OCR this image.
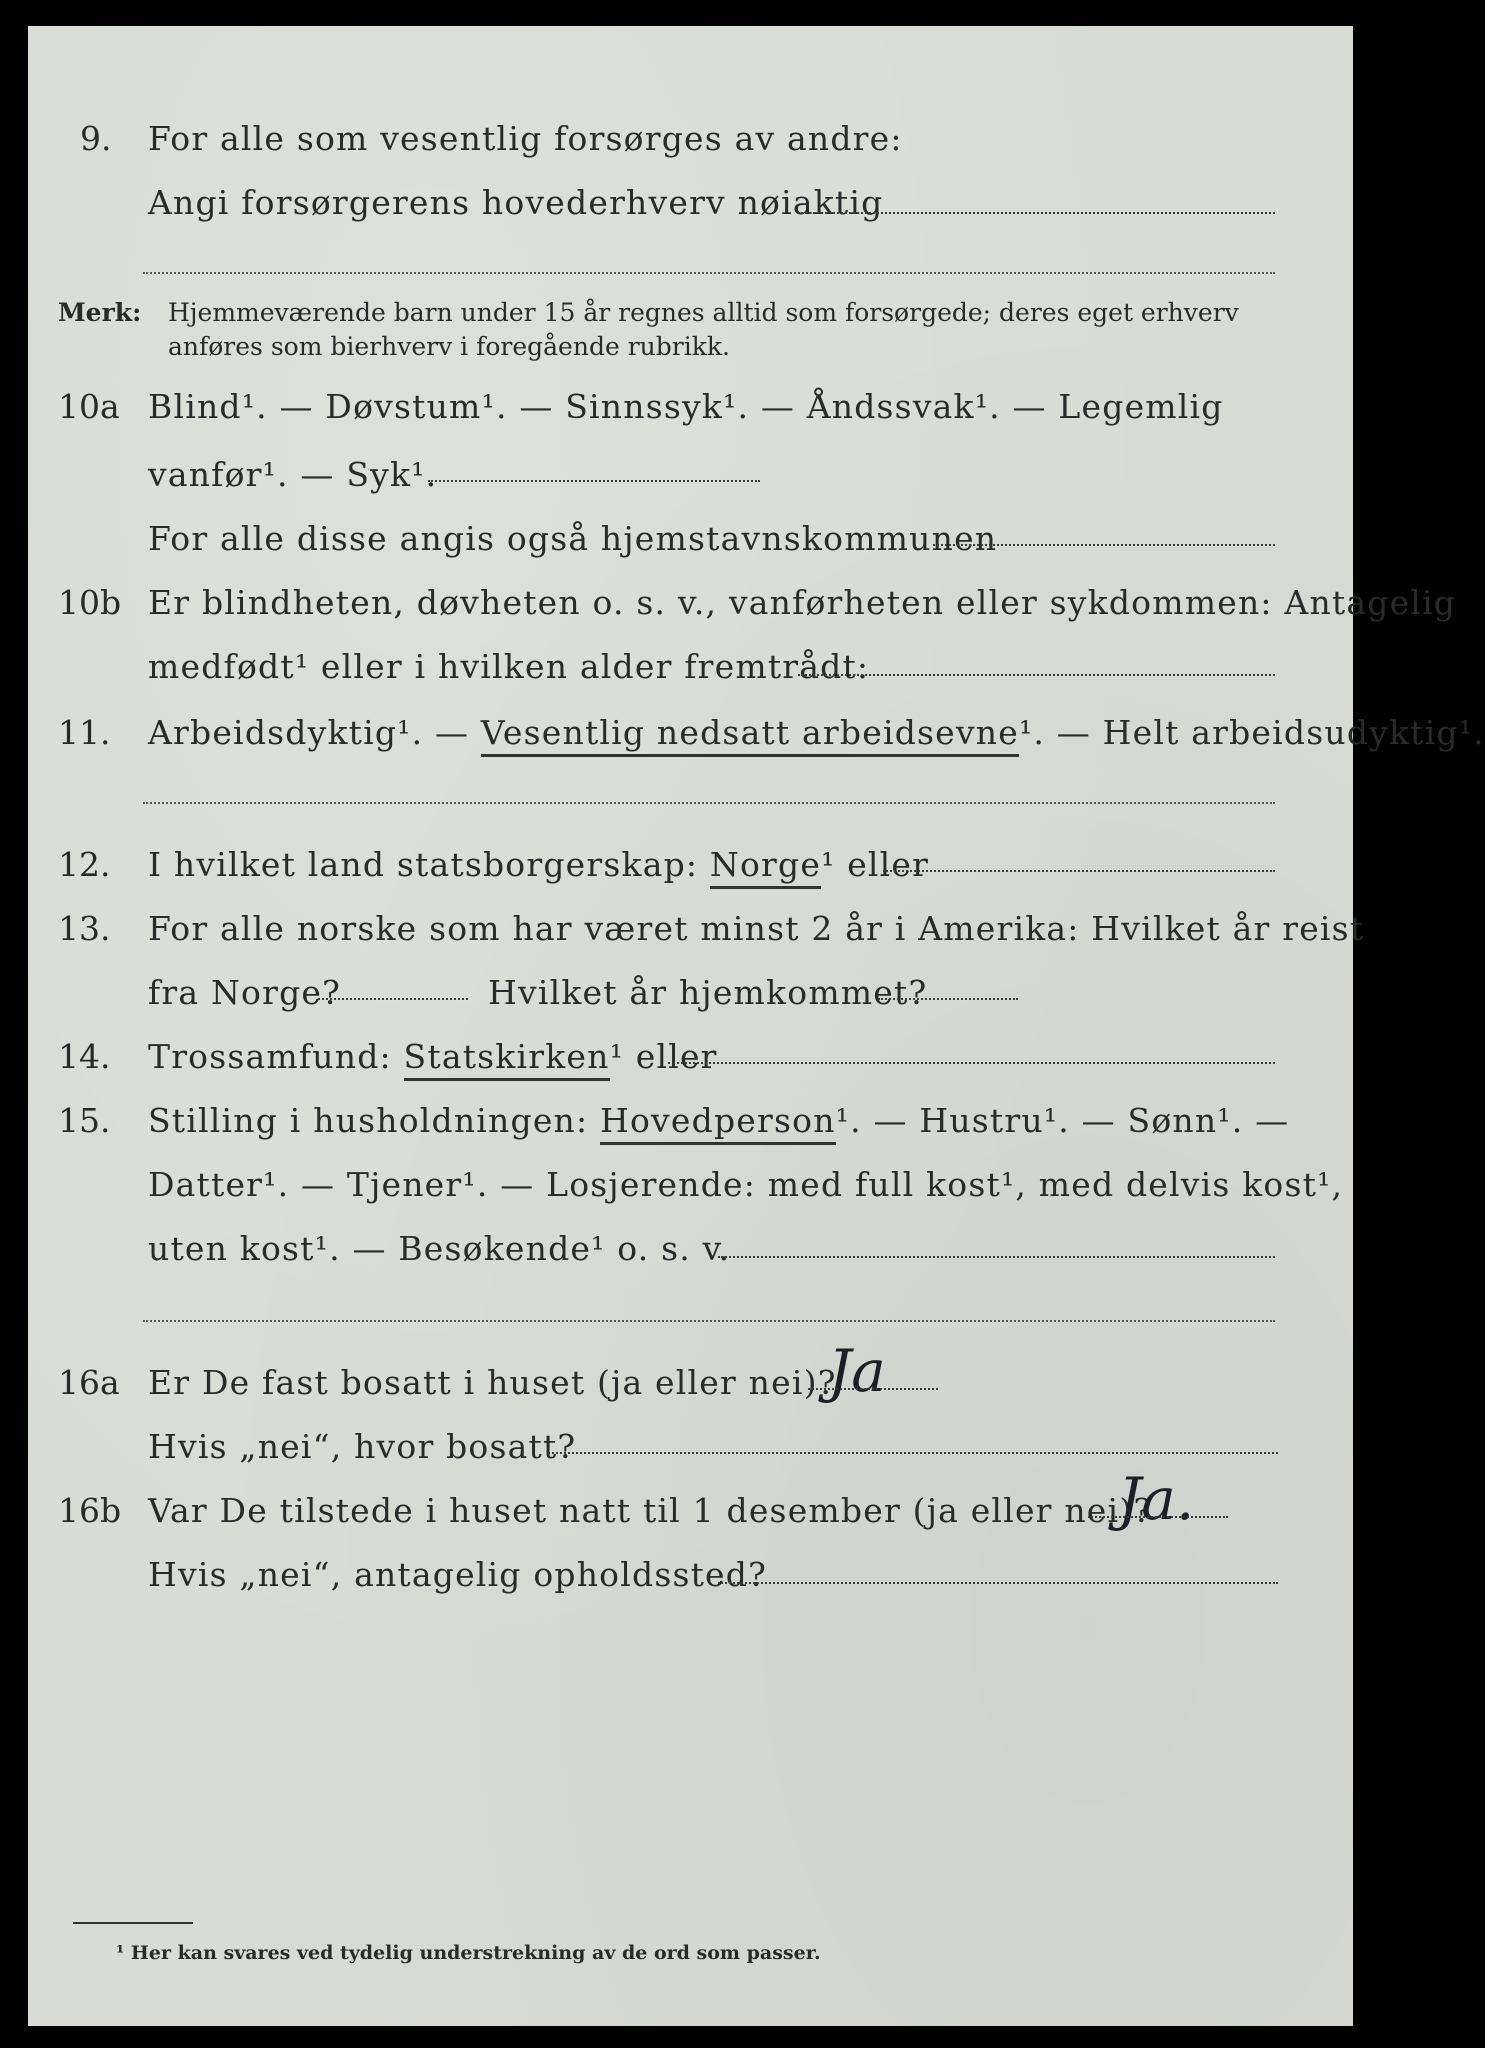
9. For alle som vesentlig forsørges av andre:
Angi forsørgerens hovederhverv nøiaktig
Merk: Hjemmeværende barn under 15 år regnes alltid som forsørgede; deres eget erhverv
anføres som bierhverv i foregående rubrikk.
10a Blind¹. — Døvstum¹. — Sinnssyk¹. — Åndssvak¹. — Legemlig
vanfør¹. — Syk¹.
For alle disse angis også hjemstavnskommunen
10b Er blindheten, døvheten o. s. v., vanførheten eller sykdommen: Antagelig
medfødt¹ eller i hvilken alder fremtrådt:
11. Arbeidsdyktig¹. — Vesentlig nedsatt arbeidsevne¹. — Helt arbeidsudyktig¹.
12. I hvilket land statsborgerskap: Norge¹ eller
13. For alle norske som har været minst 2 år i Amerika: Hvilket år reist
fra Norge?	Hvilket år hjemkommet?
14. Trossamfund: Statskirken¹ eller
15. Stilling i husholdningen: Hovedperson¹. — Hustru¹. — Sønn¹. —
Datter¹. — Tjener¹. — Losjerende: med full kost¹, med delvis kost¹,
uten kost¹. — Besøkende¹ o. s. v.
16a Er De fast bosatt i huset (ja eller nei)?
Ja
Hvis „nei“, hvor bosatt?
16b Var De tilstede i huset natt til 1 desember (ja eller nei)?
Ja.
Hvis „nei“, antagelig opholdssted?
¹ Her kan svares ved tydelig understrekning av de ord som passer.
